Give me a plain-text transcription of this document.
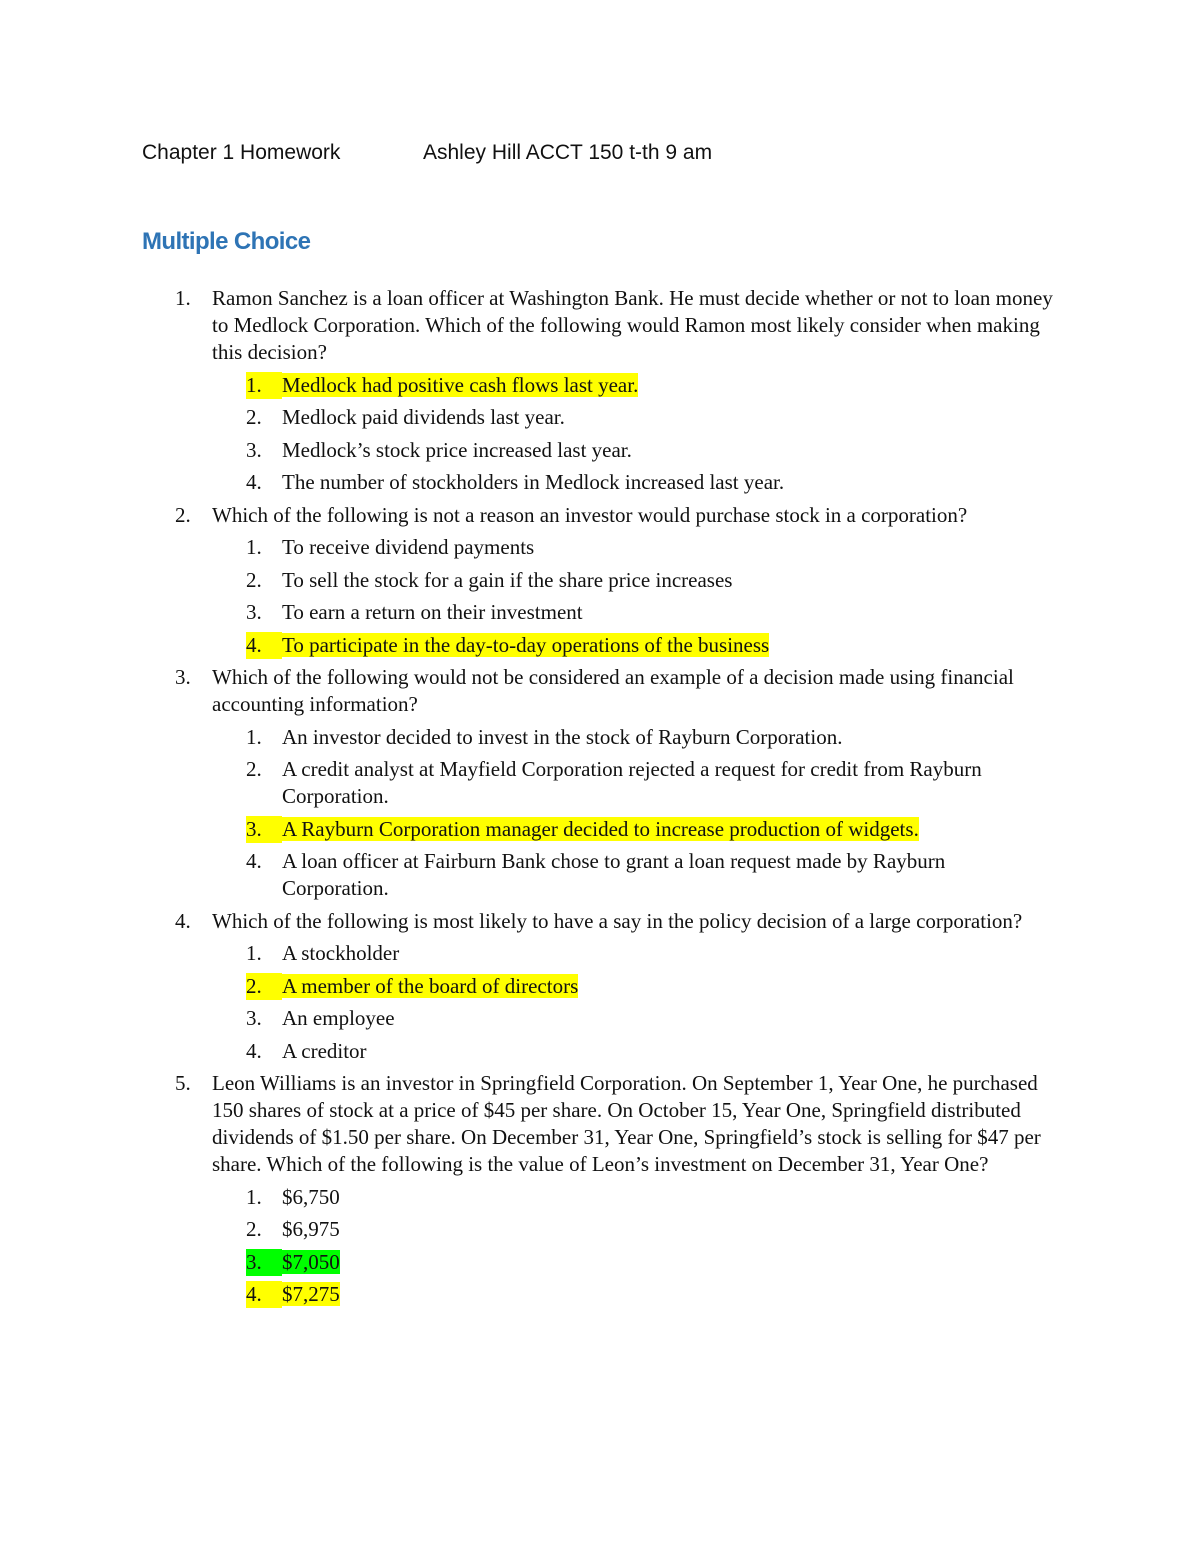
Chapter 1 Homework	Ashley Hill ACCT 150 t-th 9 am
Multiple Choice
1. Ramon Sanchez is a loan officer at Washington Bank. He must decide whether or not to loan money to Medlock Corporation. Which of the following would Ramon most likely consider when making this decision?
1. Medlock had positive cash flows last year.
2. Medlock paid dividends last year.
3. Medlock’s stock price increased last year.
4. The number of stockholders in Medlock increased last year.
2. Which of the following is not a reason an investor would purchase stock in a corporation?
1. To receive dividend payments
2. To sell the stock for a gain if the share price increases
3. To earn a return on their investment
4. To participate in the day-to-day operations of the business
3. Which of the following would not be considered an example of a decision made using financial accounting information?
1. An investor decided to invest in the stock of Rayburn Corporation.
2. A credit analyst at Mayfield Corporation rejected a request for credit from Rayburn Corporation.
3. A Rayburn Corporation manager decided to increase production of widgets.
4. A loan officer at Fairburn Bank chose to grant a loan request made by Rayburn Corporation.
4. Which of the following is most likely to have a say in the policy decision of a large corporation?
1. A stockholder
2. A member of the board of directors
3. An employee
4. A creditor
5. Leon Williams is an investor in Springfield Corporation. On September 1, Year One, he purchased 150 shares of stock at a price of $45 per share. On October 15, Year One, Springfield distributed dividends of $1.50 per share. On December 31, Year One, Springfield’s stock is selling for $47 per share. Which of the following is the value of Leon’s investment on December 31, Year One?
1. $6,750
2. $6,975
3. $7,050
4. $7,275
